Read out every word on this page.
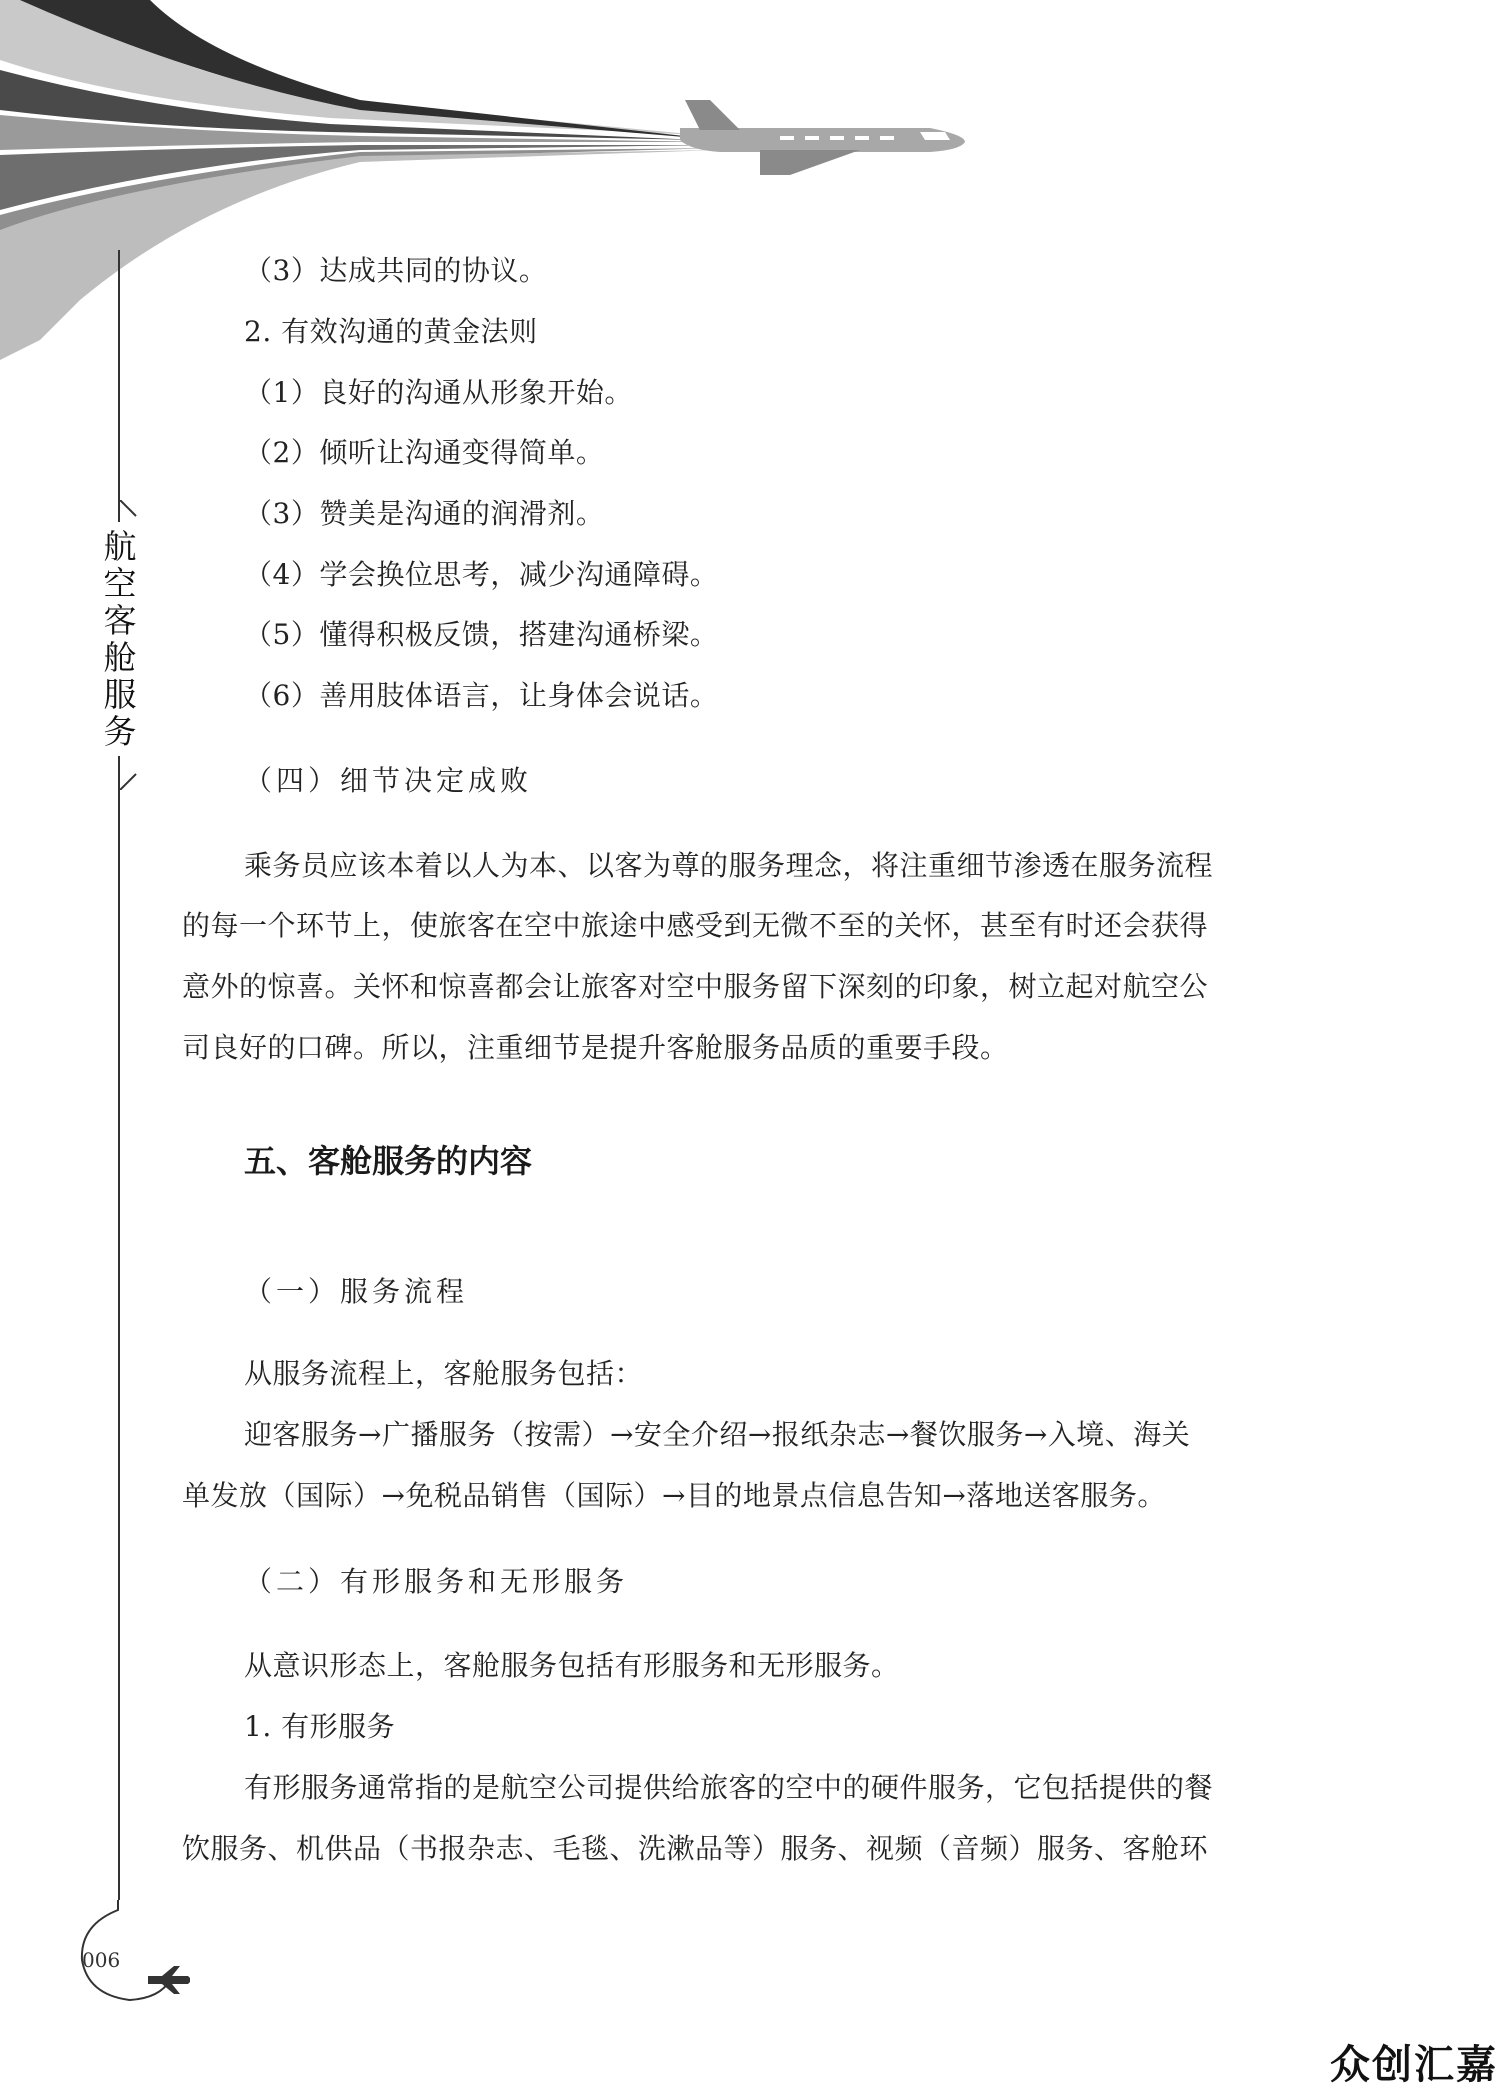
航
空
客
舱
服
务
（3）达成共同的协议。
2. 有效沟通的黄金法则
（1）良好的沟通从形象开始。
（2）倾听让沟通变得简单。
（3）赞美是沟通的润滑剂。
（4）学会换位思考，减少沟通障碍。
（5）懂得积极反馈，搭建沟通桥梁。
（6）善用肢体语言，让身体会说话。
（四）细节决定成败
乘务员应该本着以人为本、以客为尊的服务理念，将注重细节渗透在服务流程
的每一个环节上，使旅客在空中旅途中感受到无微不至的关怀，甚至有时还会获得
意外的惊喜。关怀和惊喜都会让旅客对空中服务留下深刻的印象，树立起对航空公
司良好的口碑。所以，注重细节是提升客舱服务品质的重要手段。
五、客舱服务的内容
（一）服务流程
从服务流程上，客舱服务包括：
迎客服务→广播服务（按需）→安全介绍→报纸杂志→餐饮服务→入境、海关
单发放（国际）→免税品销售（国际）→目的地景点信息告知→落地送客服务。
（二）有形服务和无形服务
从意识形态上，客舱服务包括有形服务和无形服务。
1. 有形服务
有形服务通常指的是航空公司提供给旅客的空中的硬件服务，它包括提供的餐
饮服务、机供品（书报杂志、毛毯、洗漱品等）服务、视频（音频）服务、客舱环
006
众创汇嘉
